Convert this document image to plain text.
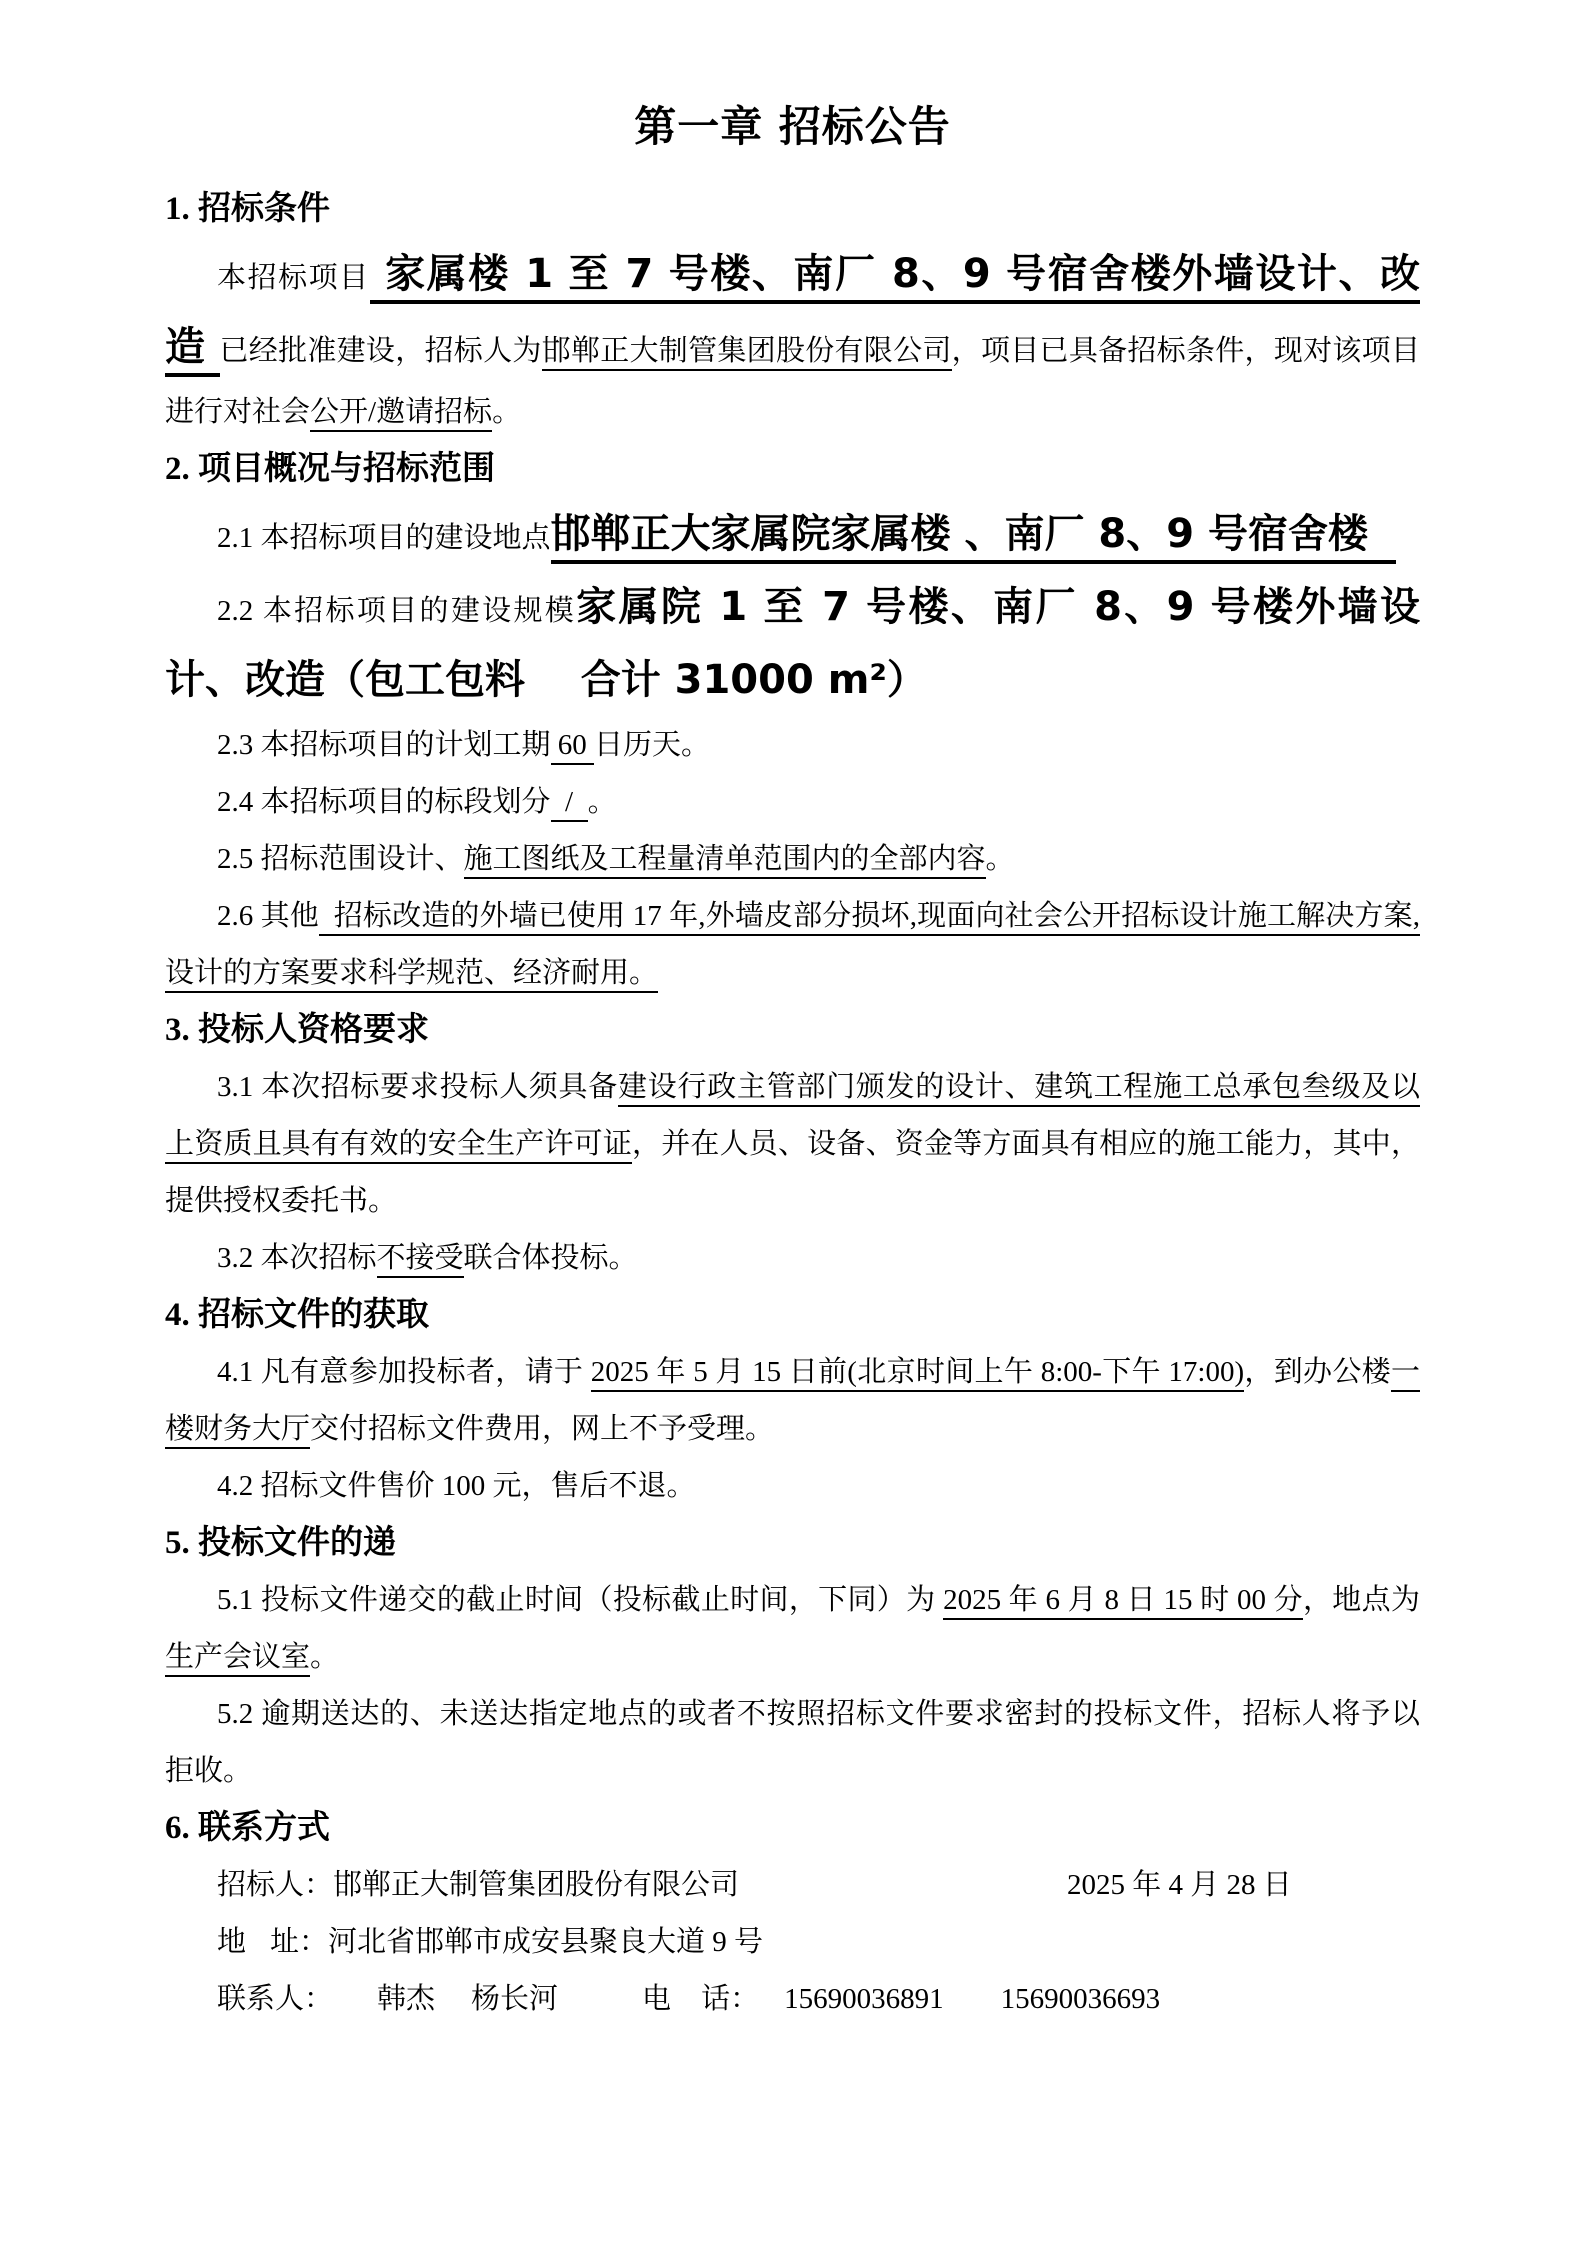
第一章 招标公告
1. 招标条件

本招标项目 家属楼 1 至 7 号楼、南厂 8、9 号宿舍楼外墙设计、改造 已经批准建设，招标人为邯郸正大制管集团股份有限公司，项目已具备招标条件，现对该项目进行对社会公开/邀请招标。

2. 项目概况与招标范围

2.1 本招标项目的建设地点邯郸正大家属院家属楼 、南厂 8、9 号宿舍楼

2.2 本招标项目的建设规模家属院 1 至 7 号楼、南厂 8、9 号楼外墙设计、改造（包工包料    合计 31000 m²）

2.3 本招标项目的计划工期 60 日历天。

2.4 本招标项目的标段划分  /  。

2.5 招标范围设计、施工图纸及工程量清单范围内的全部内容。

2.6 其他  招标改造的外墙已使用 17 年,外墙皮部分损坏,现面向社会公开招标设计施工解决方案,设计的方案要求科学规范、经济耐用。

3. 投标人资格要求

3.1 本次招标要求投标人须具备建设行政主管部门颁发的设计、建筑工程施工总承包叁级及以上资质且具有有效的安全生产许可证，并在人员、设备、资金等方面具有相应的施工能力，其中，提供授权委托书。

3.2 本次招标不接受联合体投标。

4. 招标文件的获取

4.1 凡有意参加投标者，请于 2025 年 5 月 15 日前(北京时间上午 8:00-下午 17:00)，到办公楼一楼财务大厅交付招标文件费用，网上不予受理。

4.2 招标文件售价 100 元，售后不退。

5. 投标文件的递

5.1 投标文件递交的截止时间（投标截止时间，下同）为 2025 年 6 月 8 日 15 时 00 分，地点为生产会议室。

5.2 逾期送达的、未送达指定地点的或者不按照招标文件要求密封的投标文件，招标人将予以拒收。

6. 联系方式

招标人：邯郸正大制管集团股份有限公司	2025 年 4 月 28 日

地 址：河北省邯郸市成安县聚良大道 9 号

联系人： 韩杰 杨长河	电 话： 15690036891 15690036693
